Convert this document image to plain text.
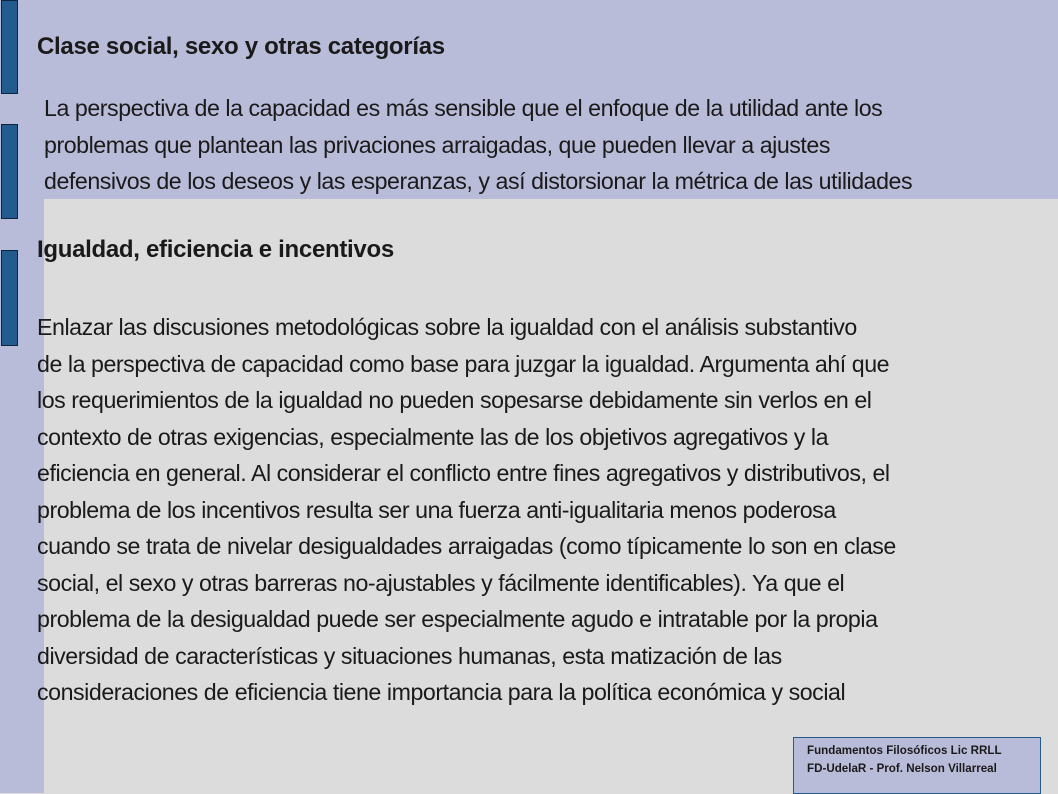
Clase social, sexo y otras categorías

La perspectiva de la capacidad es más sensible que el enfoque de la utilidad ante los
problemas que plantean las privaciones arraigadas, que pueden llevar a ajustes
defensivos de los deseos y las esperanzas, y así distorsionar la métrica de las utilidades

Igualdad, eficiencia e incentivos

Enlazar las discusiones metodológicas sobre la igualdad con el análisis substantivo
de la perspectiva de capacidad como base para juzgar la igualdad. Argumenta ahí que
los requerimientos de la igualdad no pueden sopesarse debidamente sin verlos en el
contexto de otras exigencias, especialmente las de los objetivos agregativos y la
eficiencia en general. Al considerar el conflicto entre fines agregativos y distributivos, el
problema de los incentivos resulta ser una fuerza anti-igualitaria menos poderosa
cuando se trata de nivelar desigualdades arraigadas (como típicamente lo son en clase
social, el sexo y otras barreras no-ajustables y fácilmente identificables). Ya que el
problema de la desigualdad puede ser especialmente agudo e intratable por la propia
diversidad de características y situaciones humanas, esta matización de las
consideraciones de eficiencia tiene importancia para la política económica y social

Fundamentos Filosóficos Lic RRLL
FD-UdelaR - Prof. Nelson Villarreal
